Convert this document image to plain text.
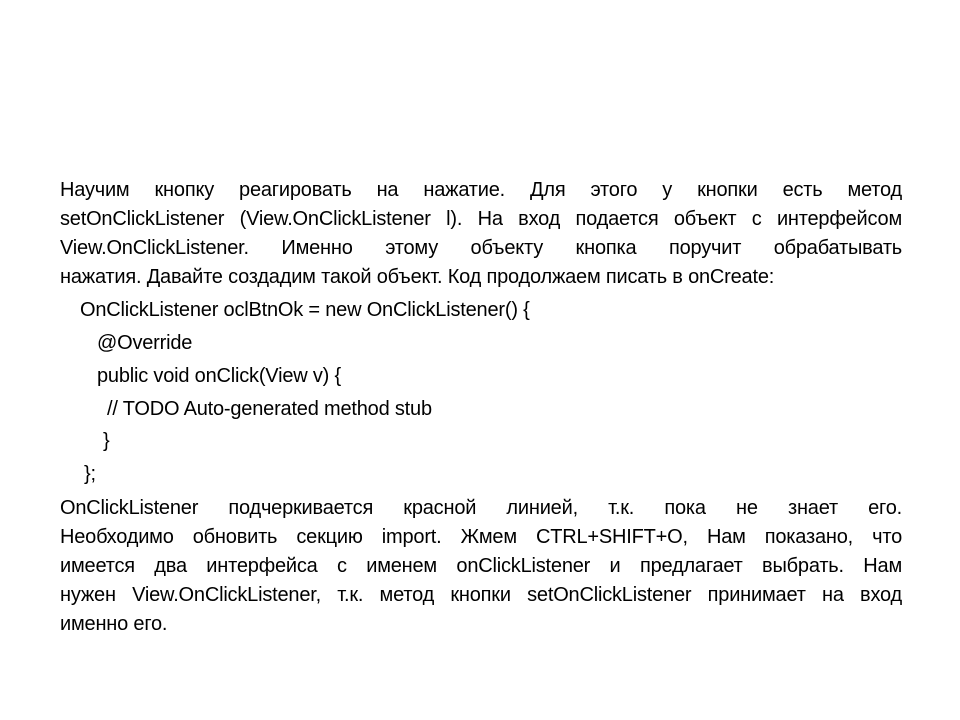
Научим кнопку реагировать на нажатие. Для этого у кнопки есть метод
setOnClickListener (View.OnClickListener l). На вход подается объект с интерфейсом
View.OnClickListener. Именно этому объекту кнопка поручит обрабатывать
нажатия. Давайте создадим такой объект. Код продолжаем писать в onCreate:
OnClickListener oclBtnOk = new OnClickListener() {
@Override
public void onClick(View v) {
// TODO Auto-generated method stub
}
};
OnClickListener подчеркивается красной линией, т.к. пока не знает его.
Необходимо обновить секцию import. Жмем CTRL+SHIFT+O, Нам показано, что
имеется два интерфейса с именем onClickListener и предлагает выбрать. Нам
нужен View.OnClickListener, т.к. метод кнопки setOnClickListener принимает на вход
именно его.
